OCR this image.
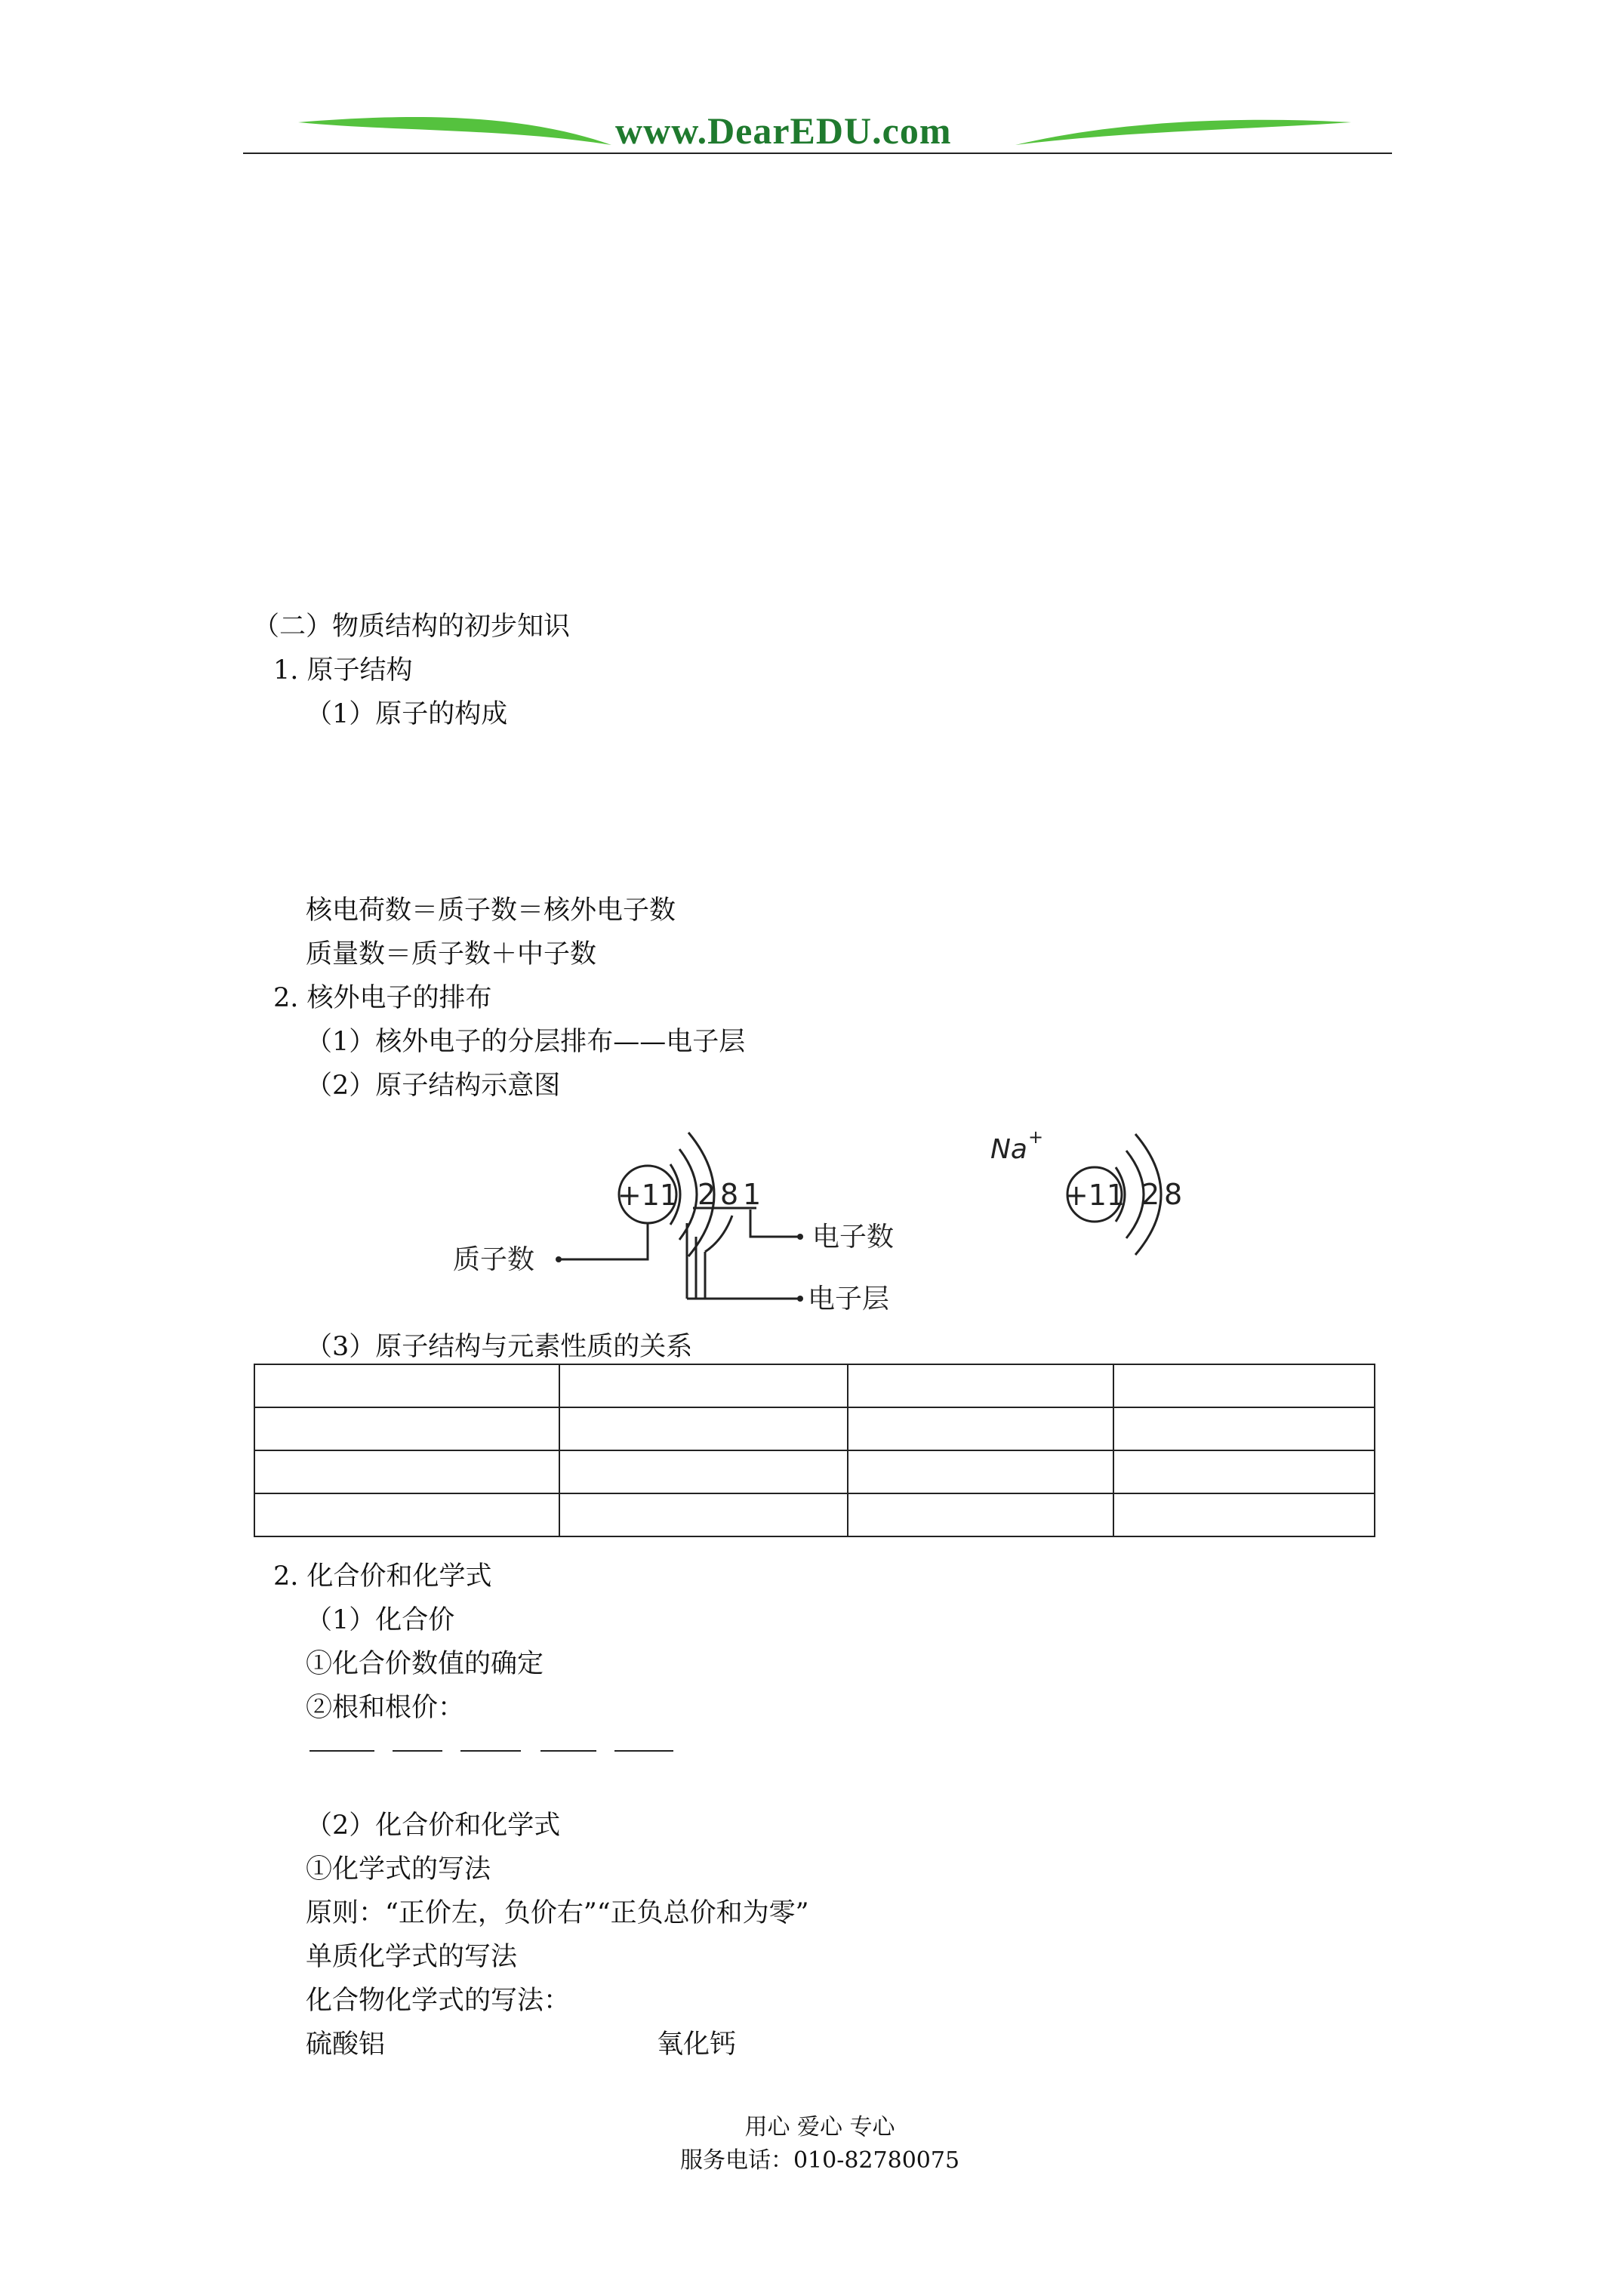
www.DearEDU.com
（二）物质结构的初步知识
1. 原子结构
（1）原子的构成
核电荷数＝质子数＝核外电子数
质量数＝质子数＋中子数
2. 核外电子的排布
（1）核外电子的分层排布——电子层
（2）原子结构示意图
+11 2 8 1
质子数
电子数
电子层
Na +
+11 2 8
（3）原子结构与元素性质的关系

2. 化合价和化学式
（1）化合价
①化合价数值的确定
②根和根价：
（2）化合价和化学式
①化学式的写法
原则：“正价左，负价右”“正负总价和为零”
单质化学式的写法
化合物化学式的写法：
硫酸铝	氧化钙
用心 爱心 专心
服务电话：010-82780075
